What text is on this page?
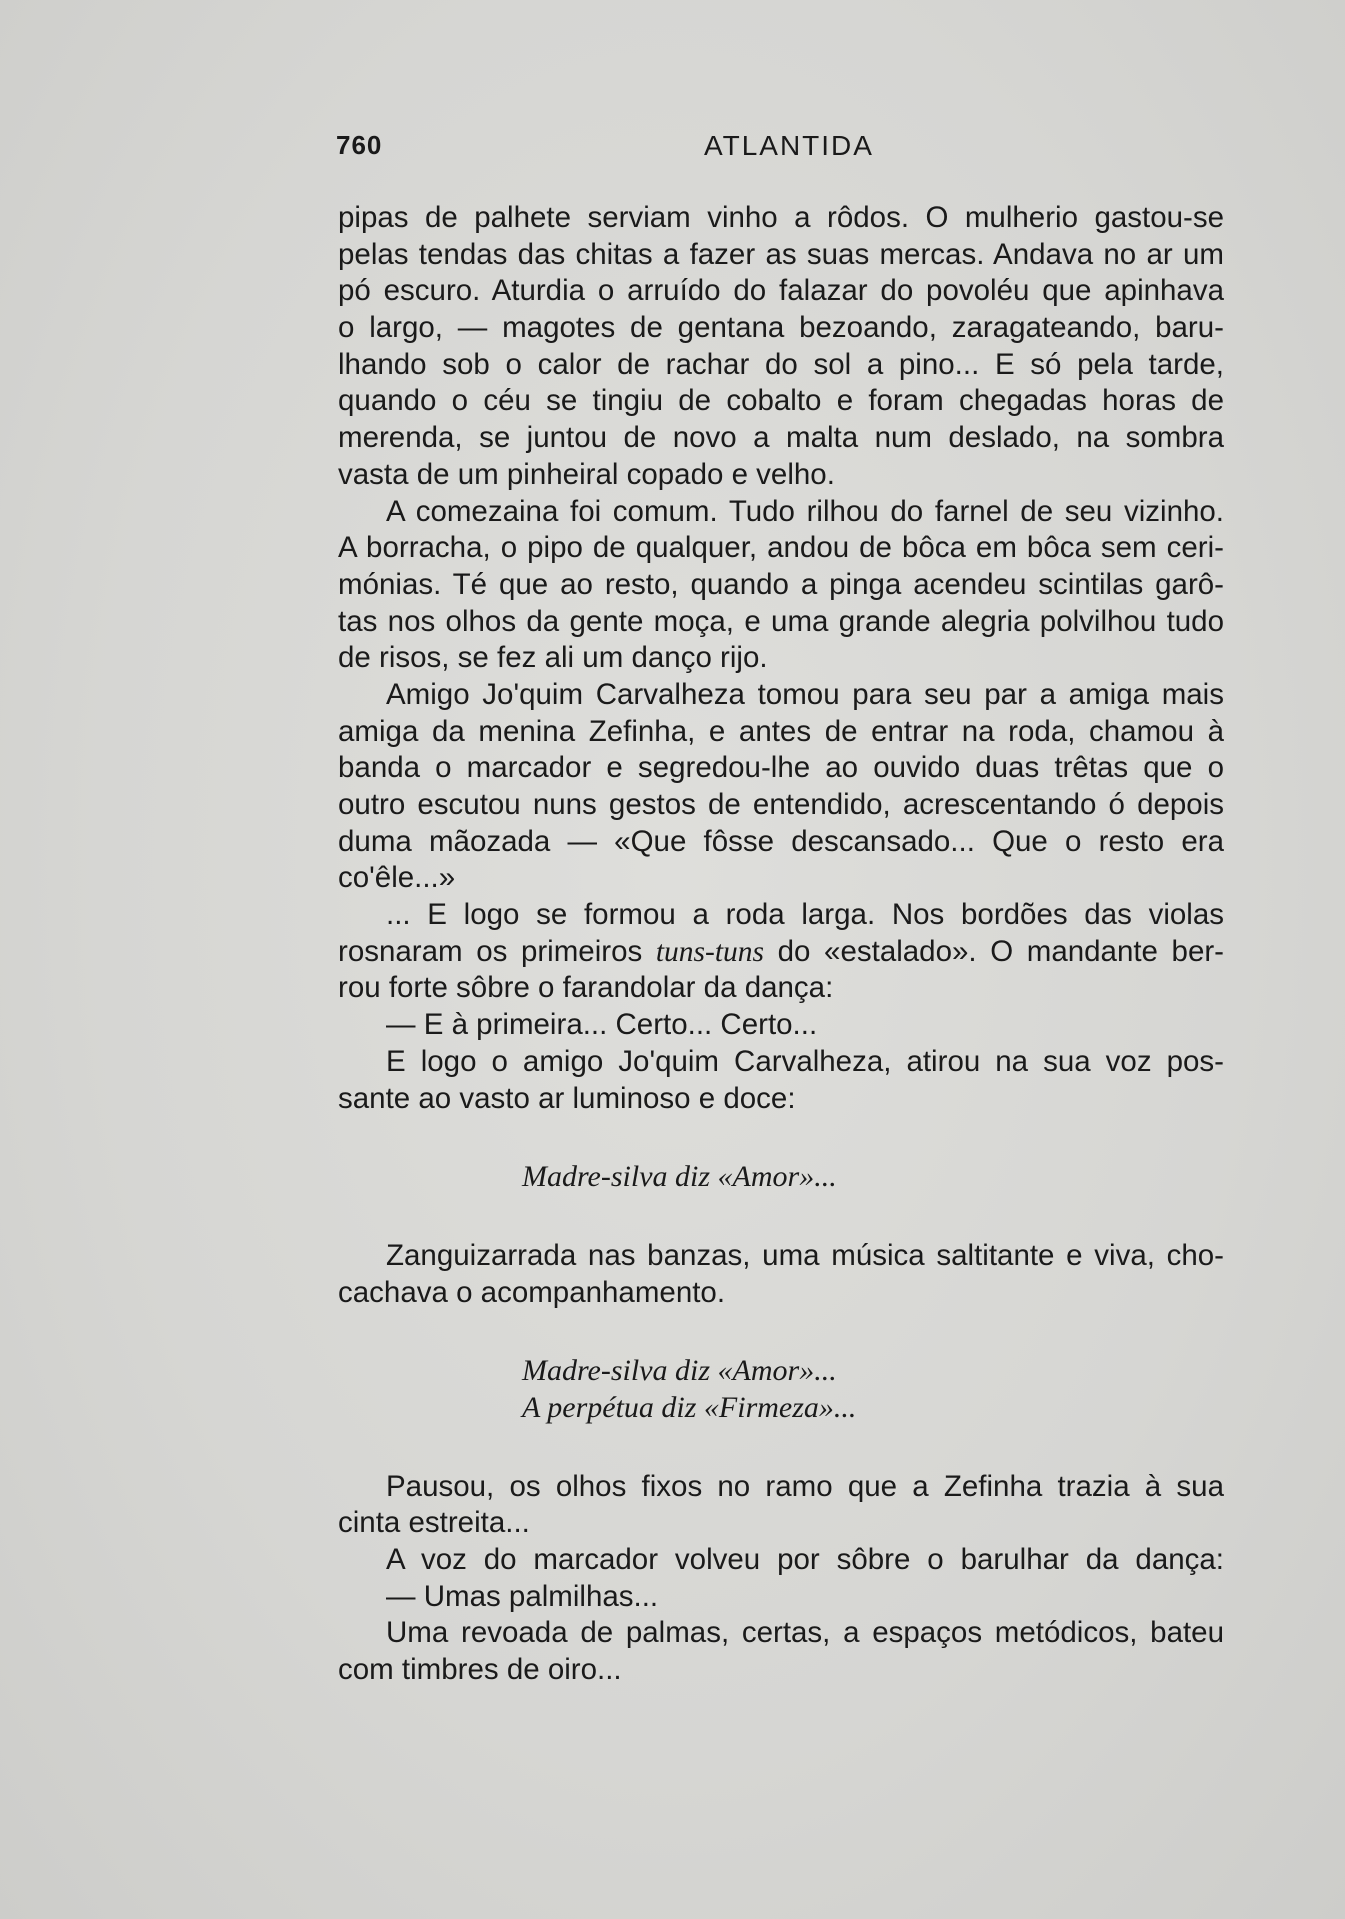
760	ATLANTIDA
pipas de palhete serviam vinho a rôdos. O mulherio gastou-se
pelas tendas das chitas a fazer as suas mercas. Andava no ar um
pó escuro. Aturdia o arruído do falazar do povoléu que apinhava
o largo, — magotes de gentana bezoando, zaragateando, baru-
lhando sob o calor de rachar do sol a pino... E só pela tarde,
quando o céu se tingiu de cobalto e foram chegadas horas de
merenda, se juntou de novo a malta num deslado, na sombra
vasta de um pinheiral copado e velho.
A comezaina foi comum. Tudo rilhou do farnel de seu vizinho.
A borracha, o pipo de qualquer, andou de bôca em bôca sem ceri-
mónias. Té que ao resto, quando a pinga acendeu scintilas garô-
tas nos olhos da gente moça, e uma grande alegria polvilhou tudo
de risos, se fez ali um danço rijo.
Amigo Jo'quim Carvalheza tomou para seu par a amiga mais
amiga da menina Zefinha, e antes de entrar na roda, chamou à
banda o marcador e segredou-lhe ao ouvido duas trêtas que o
outro escutou nuns gestos de entendido, acrescentando ó depois
duma mãozada — «Que fôsse descansado... Que o resto era
co'êle...»
... E logo se formou a roda larga. Nos bordões das violas
rosnaram os primeiros tuns-tuns do «estalado». O mandante ber-
rou forte sôbre o farandolar da dança:
— E à primeira... Certo... Certo...
E logo o amigo Jo'quim Carvalheza, atirou na sua voz pos-
sante ao vasto ar luminoso e doce:
Madre-silva diz «Amor»...
Zanguizarrada nas banzas, uma música saltitante e viva, cho-
cachava o acompanhamento.
Madre-silva diz «Amor»...
A perpétua diz «Firmeza»...
Pausou, os olhos fixos no ramo que a Zefinha trazia à sua
cinta estreita...
A voz do marcador volveu por sôbre o barulhar da dança:
— Umas palmilhas...
Uma revoada de palmas, certas, a espaços metódicos, bateu
com timbres de oiro...
